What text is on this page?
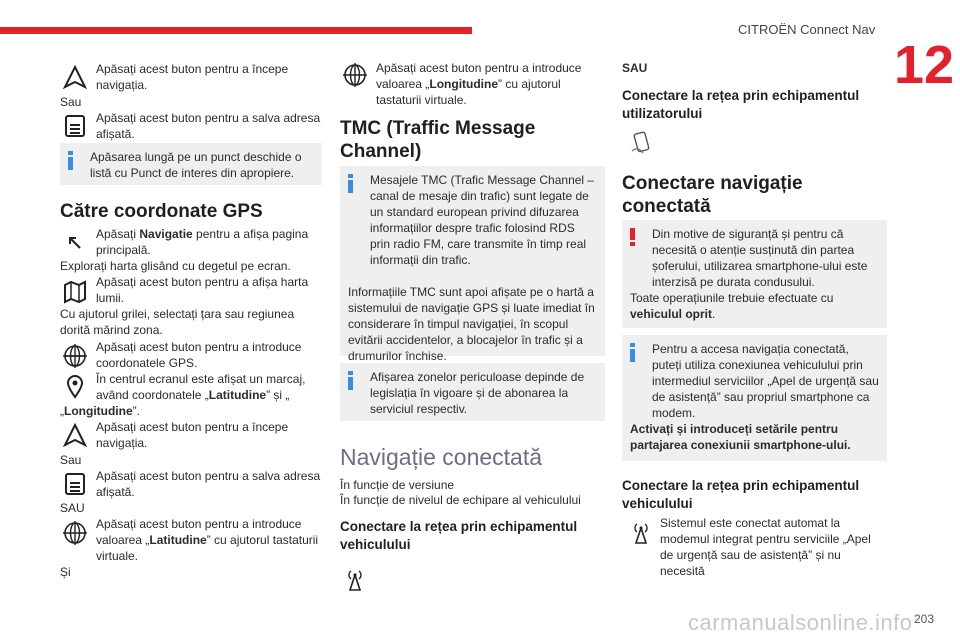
CITROËN Connect Nav
12
Apăsați acest buton pentru a începe navigația.
Sau
Apăsați acest buton pentru a salva adresa afișată.
Apăsarea lungă pe un punct deschide o listă cu Punct de interes din apropiere.
Către coordonate GPS
Apăsați Navigatie pentru a afișa pagina principală.
Explorați harta glisând cu degetul pe ecran.
Apăsați acest buton pentru a afișa harta lumii.
Cu ajutorul grilei, selectați țara sau regiunea dorită mărind zona.
Apăsați acest buton pentru a introduce coordonatele GPS.
În centrul ecranul este afișat un marcaj, având coordonatele „Latitudine” și „
„Longitudine”.
Apăsați acest buton pentru a începe navigația.
Sau
Apăsați acest buton pentru a salva adresa afișată.
SAU
Apăsați acest buton pentru a introduce valoarea „Latitudine” cu ajutorul tastaturii virtuale.
Și
Apăsați acest buton pentru a introduce valoarea „Longitudine” cu ajutorul tastaturii virtuale.
TMC (Traffic Message Channel)
Mesajele TMC (Trafic Message Channel – canal de mesaje din trafic) sunt legate de un standard european privind difuzarea informațiilor despre trafic folosind RDS prin radio FM, care transmite în timp real informații din trafic.
Informațiile TMC sunt apoi afișate pe o hartă a sistemului de navigație GPS și luate imediat în considerare în timpul navigației, în scopul evitării accidentelor, a blocajelor în trafic și a drumurilor închise.
Afișarea zonelor periculoase depinde de legislația în vigoare și de abonarea la serviciul respectiv.
Navigație conectată
În funcție de versiune
În funcție de nivelul de echipare al vehiculului
Conectare la rețea prin echipamentul vehiculului
SAU
Conectare la rețea prin echipamentul utilizatorului
Conectare navigație conectată
Din motive de siguranță și pentru că necesită o atenție susținută din partea șoferului, utilizarea smartphone-ului este interzisă pe durata condusului.
Toate operațiunile trebuie efectuate cu vehiculul oprit.
Pentru a accesa navigația conectată, puteți utiliza conexiunea vehiculului prin intermediul serviciilor „Apel de urgență sau de asistență” sau propriul smartphone ca modem.
Activați și introduceți setările pentru partajarea conexiunii smartphone-ului.
Conectare la rețea prin echipamentul vehiculului
Sistemul este conectat automat la modemul integrat pentru serviciile „Apel de urgență sau de asistență” și nu necesită
carmanualsonline.info 203
